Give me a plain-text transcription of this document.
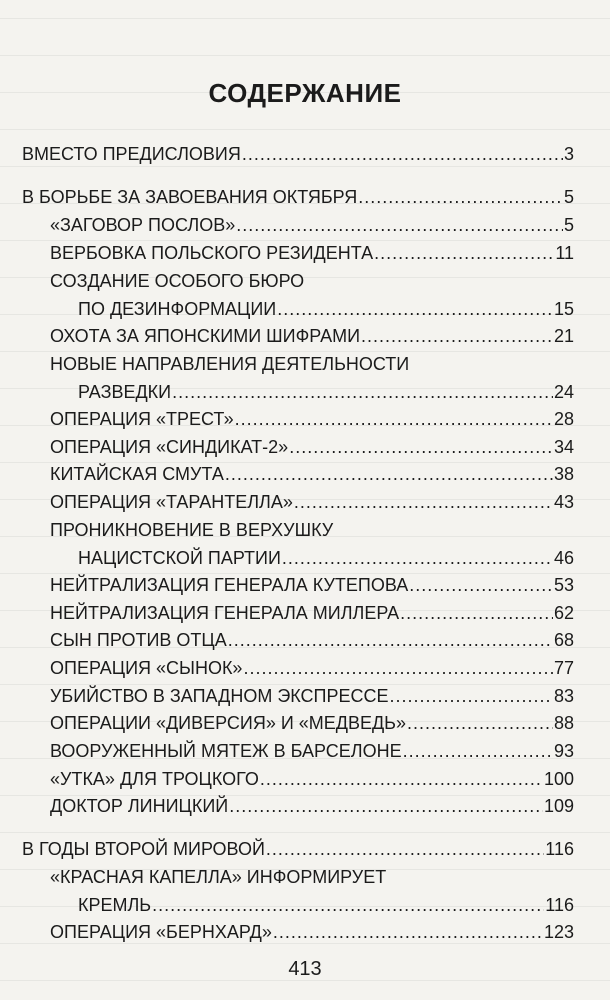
СОДЕРЖАНИЕ
ВМЕСТО ПРЕДИСЛОВИЯ .....	3
В БОРЬБЕ ЗА ЗАВОЕВАНИЯ ОКТЯБРЯ .....	5
«ЗАГОВОР ПОСЛОВ» .....	5
ВЕРБОВКА ПОЛЬСКОГО РЕЗИДЕНТА .....	11
СОЗДАНИЕ ОСОБОГО БЮРО
ПО ДЕЗИНФОРМАЦИИ .....	15
ОХОТА ЗА ЯПОНСКИМИ ШИФРАМИ .....	21
НОВЫЕ НАПРАВЛЕНИЯ ДЕЯТЕЛЬНОСТИ
РАЗВЕДКИ .....	24
ОПЕРАЦИЯ «ТРЕСТ» .....	28
ОПЕРАЦИЯ «СИНДИКАТ-2» .....	34
КИТАЙСКАЯ СМУТА .....	38
ОПЕРАЦИЯ «ТАРАНТЕЛЛА» .....	43
ПРОНИКНОВЕНИЕ В ВЕРХУШКУ
НАЦИСТСКОЙ ПАРТИИ .....	46
НЕЙТРАЛИЗАЦИЯ ГЕНЕРАЛА КУТЕПОВА .....	53
НЕЙТРАЛИЗАЦИЯ ГЕНЕРАЛА МИЛЛЕРА .....	62
СЫН ПРОТИВ ОТЦА .....	68
ОПЕРАЦИЯ «СЫНОК» .....	77
УБИЙСТВО В ЗАПАДНОМ ЭКСПРЕССЕ .....	83
ОПЕРАЦИИ «ДИВЕРСИЯ» И «МЕДВЕДЬ» .....	88
ВООРУЖЕННЫЙ МЯТЕЖ В БАРСЕЛОНЕ .....	93
«УТКА» ДЛЯ ТРОЦКОГО .....	100
ДОКТОР ЛИНИЦКИЙ .....	109
В ГОДЫ ВТОРОЙ МИРОВОЙ .....	116
«КРАСНАЯ КАПЕЛЛА» ИНФОРМИРУЕТ
КРЕМЛЬ .....	116
ОПЕРАЦИЯ «БЕРНХАРД» .....	123
413
